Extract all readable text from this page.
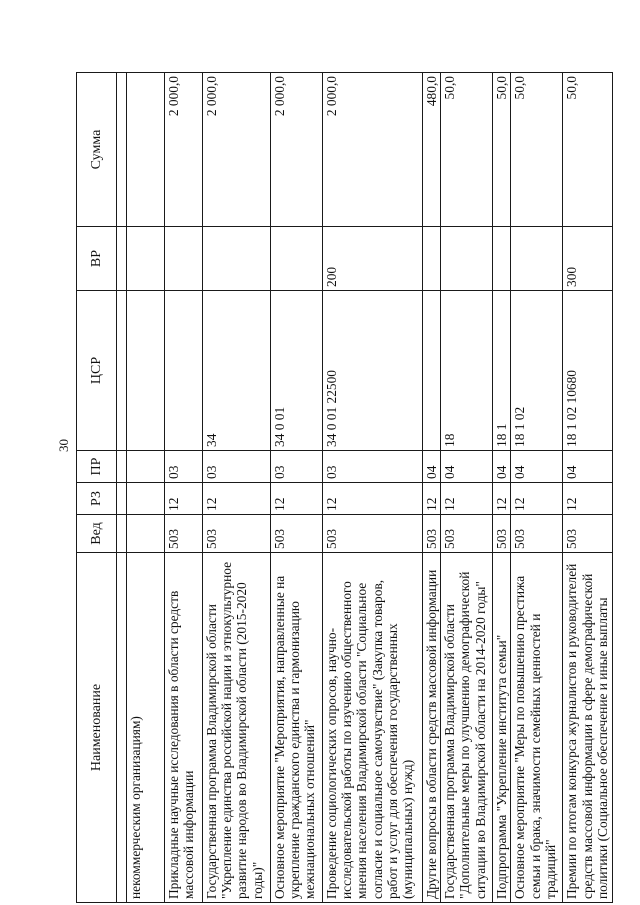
30
Наименование	Вед	РЗ	ПР	ЦСР	ВР	Сумма

некоммерческим организациям)						
Прикладные научные исследования в области средств массовой информации	503	12	03			2 000,0
Государственная программа Владимирской области "Укрепление единства российской нации и этнокультурное развитие народов во Владимирской области (2015-2020 годы)"	503	12	03	34		2 000,0
Основное мероприятие "Мероприятия, направленные на укрепление гражданского единства и гармонизацию межнациональных отношений"	503	12	03	34 0 01		2 000,0
Проведение социологических опросов, научно-исследовательской работы по изучению общественного мнения населения Владимирской области "Социальное согласие и социальное самочувствие" (Закупка товаров, работ и услуг для обеспечения государственных (муниципальных) нужд)	503	12	03	34 0 01 22500	200	2 000,0
Другие вопросы в области средств массовой информации	503	12	04			480,0
Государственная программа Владимирской области "Дополнительные меры по улучшению демографической ситуации во Владимирской области на 2014-2020 годы"	503	12	04	18		50,0
Подпрограмма "Укрепление института семьи"	503	12	04	18 1		50,0
Основное мероприятие "Меры по повышению престижа семьи и брака, значимости семейных ценностей и традиций"	503	12	04	18 1 02		50,0
Премии по итогам конкурса журналистов и руководителей средств массовой информации в сфере демографической политики (Социальное обеспечение и иные выплаты	503	12	04	18 1 02 10680	300	50,0
